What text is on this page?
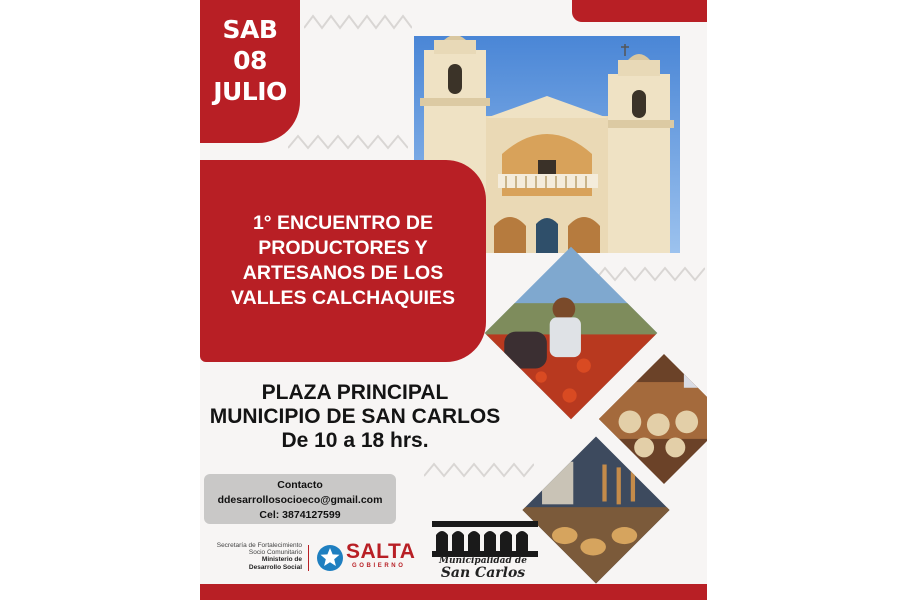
SAB
08
JULIO

1° ENCUENTRO DE
PRODUCTORES Y
ARTESANOS DE LOS
VALLES CALCHAQUIES

PLAZA PRINCIPAL
MUNICIPIO DE SAN CARLOS
De 10 a 18 hrs.
Contacto
ddesarrollosocioeco@gmail.com
Cel: 3874127599
Secretaría de Fortalecimiento
Socio Comunitario
Ministerio de
Desarrollo Social
SALTA
GOBIERNO	Municipalidad de
San Carlos
